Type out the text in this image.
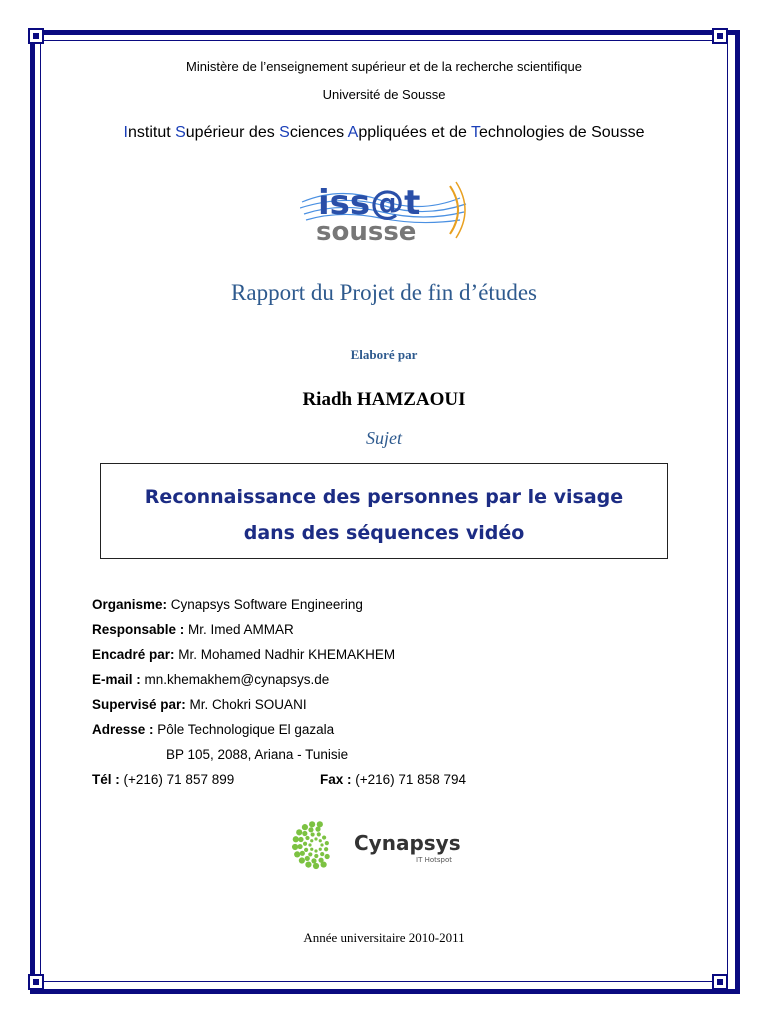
Ministère de l’enseignement supérieur et de la recherche scientifique
Université de Sousse
Institut Supérieur des Sciences Appliquées et de Technologies de Sousse
iss@t
sousse
Rapport du Projet de fin d’études
Elaboré par
Riadh HAMZAOUI
Sujet
Reconnaissance des personnes par le visage
dans des séquences vidéo
Organisme: Cynapsys Software Engineering
Responsable : Mr. Imed AMMAR
Encadré par: Mr. Mohamed Nadhir KHEMAKHEM
E-mail : mn.khemakhem@cynapsys.de
Supervisé par: Mr. Chokri SOUANI
Adresse : Pôle Technologique El gazala
BP 105, 2088, Ariana - Tunisie
Tél : (+216) 71 857 899	Fax : (+216) 71 858 794
Cynapsys
IT Hotspot
Année universitaire 2010-2011
